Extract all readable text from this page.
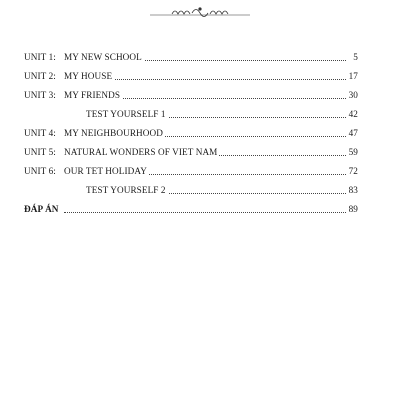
UNIT 1: MY NEW SCHOOL	5
UNIT 2: MY HOUSE	17
UNIT 3: MY FRIENDS	30
TEST YOURSELF 1	42
UNIT 4: MY NEIGHBOURHOOD	47
UNIT 5: NATURAL WONDERS OF VIET NAM	59
UNIT 6: OUR TET HOLIDAY	72
TEST YOURSELF 2	83
ĐÁP ÁN	89
